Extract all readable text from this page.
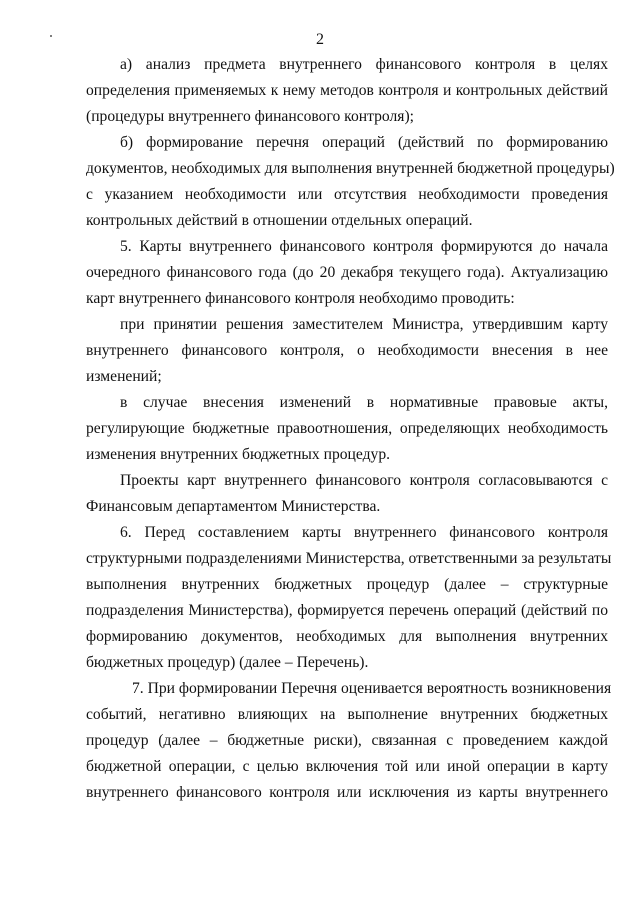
2
а) анализ предмета внутреннего финансового контроля в целях
определения применяемых к нему методов контроля и контрольных действий
(процедуры внутреннего финансового контроля);
б) формирование перечня операций (действий по формированию
документов, необходимых для выполнения внутренней бюджетной процедуры)
с указанием необходимости или отсутствия необходимости проведения
контрольных действий в отношении отдельных операций.
5. Карты внутреннего финансового контроля формируются до начала
очередного финансового года (до 20 декабря текущего года). Актуализацию
карт внутреннего финансового контроля необходимо проводить:
при принятии решения заместителем Министра, утвердившим карту
внутреннего финансового контроля, о необходимости внесения в нее
изменений;
в случае внесения изменений в нормативные правовые акты,
регулирующие бюджетные правоотношения, определяющих необходимость
изменения внутренних бюджетных процедур.
Проекты карт внутреннего финансового контроля согласовываются с
Финансовым департаментом Министерства.
6. Перед составлением карты внутреннего финансового контроля
структурными подразделениями Министерства, ответственными за результаты
выполнения внутренних бюджетных процедур (далее – структурные
подразделения Министерства), формируется перечень операций (действий по
формированию документов, необходимых для выполнения внутренних
бюджетных процедур) (далее – Перечень).
7. При формировании Перечня оценивается вероятность возникновения
событий, негативно влияющих на выполнение внутренних бюджетных
процедур (далее – бюджетные риски), связанная с проведением каждой
бюджетной операции, с целью включения той или иной операции в карту
внутреннего финансового контроля или исключения из карты внутреннего
